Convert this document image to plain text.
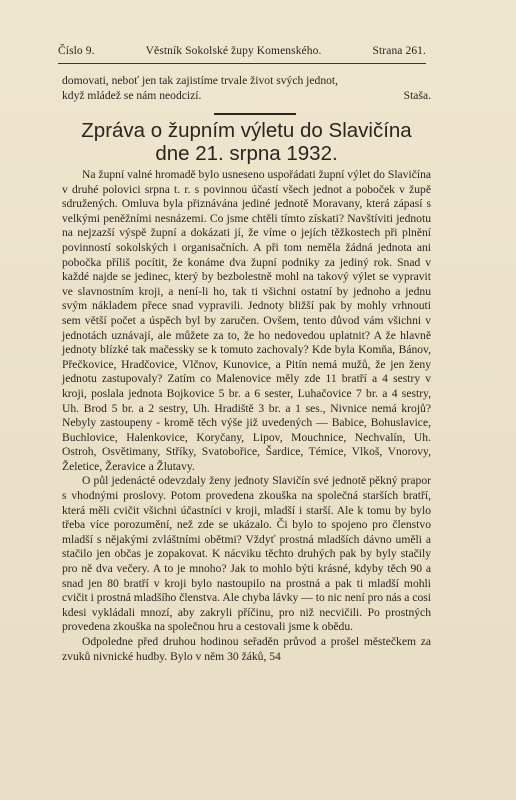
Číslo 9.	Věstník Sokolské župy Komenského.	Strana 261.
domovati, neboť jen tak zajistíme trvale život svých jednot,
když mládež se nám neodcizí.	Staša.
Zpráva o župním výletu do Slavičína
dne 21. srpna 1932.

Na župní valné hromadě bylo usneseno uspořádati župní výlet do Slavičína v druhé polovici srpna t. r. s povinnou účastí všech jednot a poboček v župě sdružených. Omluva byla přiznávána jediné jednotě Moravany, která zápasí s velkými peněžními nesnázemi. Co jsme chtěli tímto získati? Navštíviti jednotu na nejzazší výspě župní a dokázati jí, že víme o jejích těžkostech při plnění povinností sokolských i organisačních. A při tom neměla žádná jednota ani pobočka příliš pocítit, že konáme dva župní podniky za jediný rok. Snad v každé najde se jedinec, který by bezbolestně mohl na takový výlet se vypravit ve slavnostním kroji, a není-li ho, tak ti všichni ostatní by jednoho a jednu svým nákladem přece snad vypravili. Jednoty bližší pak by mohly vrhnouti sem větší počet a úspěch byl by zaručen. Ovšem, tento důvod vám všichni v jednotách uznávají, ale můžete za to, že ho nedovedou uplatnit? A že hlavně jednoty blízké tak mačessky se k tomuto zachovaly? Kde byla Komňa, Bánov, Přečkovice, Hradčovice, Vlčnov, Kunovice, a Pitín nemá mužů, že jen ženy jednotu zastupovaly? Zatím co Malenovice měly zde 11 bratří a 4 sestry v kroji, poslala jednota Bojkovice 5 br. a 6 sester, Luhačovice 7 br. a 4 sestry, Uh. Brod 5 br. a 2 sestry, Uh. Hradiště 3 br. a 1 ses., Nivnice nemá krojů? Nebyly zastoupeny - kromě těch výše již uvedených — Babice, Bohuslavice, Buchlovice, Halenkovice, Koryčany, Lipov, Mouchnice, Nechvalín, Uh. Ostroh, Osvětimany, Stříky, Svatobořice, Šardice, Témice, Vlkoš, Vnorovy, Želetice, Žeravice a Žlutavy.

O půl jedenácté odevzdaly ženy jednoty Slavičín své jednotě pěkný prapor s vhodnými proslovy. Potom provedena zkouška na společná starších bratří, která měli cvičit všichni účastníci v kroji, mladší i starší. Ale k tomu by bylo třeba více porozumění, než zde se ukázalo. Či bylo to spojeno pro členstvo mladší s nějakými zvláštními obětmi? Vždyť prostná mladších dávno uměli a stačilo jen občas je zopakovat. K nácviku těchto druhých pak by byly stačily pro ně dva večery. A to je mnoho? Jak to mohlo býti krásné, kdyby těch 90 a snad jen 80 bratří v kroji bylo nastoupilo na prostná a pak ti mladší mohli cvičit i prostná mladšího členstva. Ale chyba lávky — to nic není pro nás a cosi kdesi vykládali mnozí, aby zakryli příčinu, pro niž necvičili. Po prostných provedena zkouška na společnou hru a cestovali jsme k obědu.

Odpoledne před druhou hodinou seřaděn průvod a prošel městečkem za zvuků nivnické hudby. Bylo v něm 30 žáků, 54
